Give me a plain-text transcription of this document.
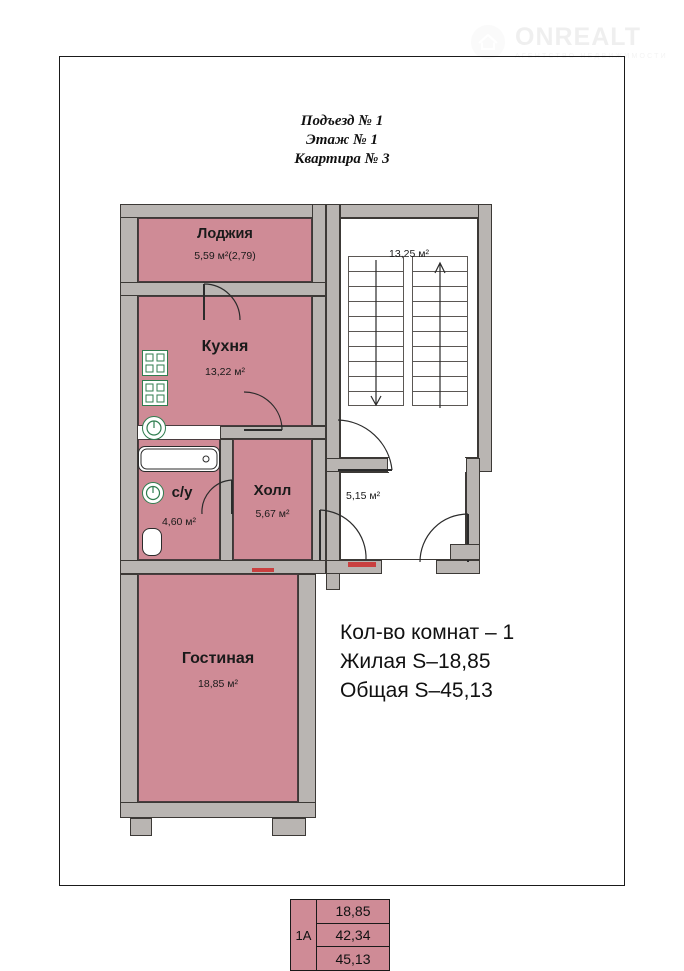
ONREALT
АГЕНТСТВО НЕДВИЖИМОСТИ
Подъезд № 1
Этаж № 1
Квартира № 3
Лоджия
5,59 м²(2,79)
Кухня
13,22 м²
с/у
4,60 м²
Холл
5,67 м²
Гостиная
18,85 м²
13,25 м²
5,15 м²
1А
18,85
42,34
45,13
Кол-во комнат – 1
Жилая S–18,85
Общая S–45,13
